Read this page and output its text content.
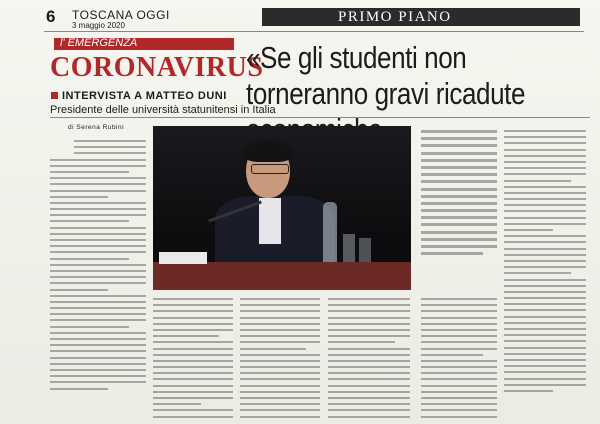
6 TOSCANA OGGI
3 maggio 2020
PRIMO PIANO
l' EMERGENZA
CORONAVIRUS
INTERVISTA A MATTEO DUNI
Presidente delle università statunitensi in Italia
«Se gli studenti non torneranno gravi ricadute
di Serena Rubini
